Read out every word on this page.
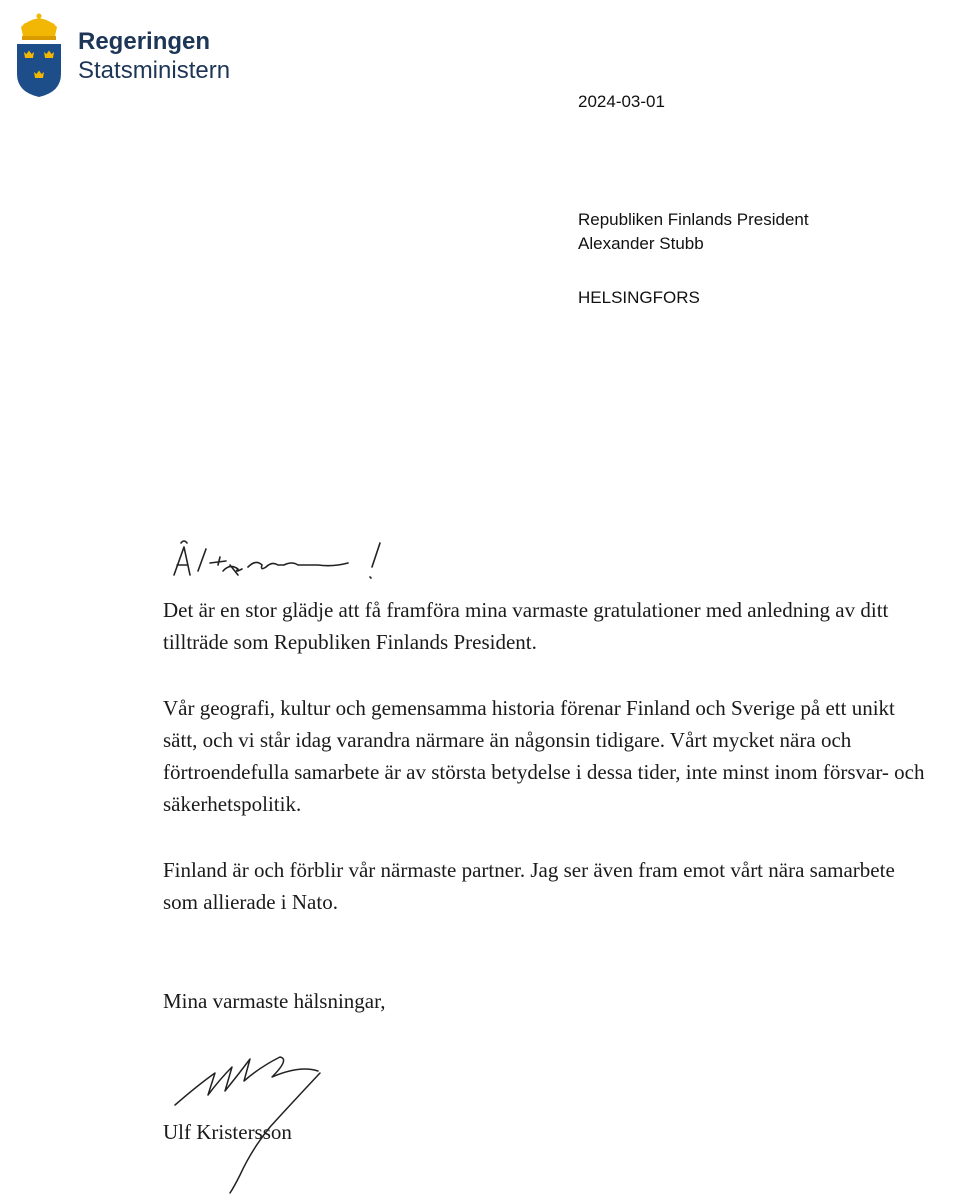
Regeringen
Statsministern
2024-03-01
Republiken Finlands President
Alexander Stubb
HELSINGFORS

Det är en stor glädje att få framföra mina varmaste gratulationer med anledning av ditt tillträde som Republiken Finlands President.

Vår geografi, kultur och gemensamma historia förenar Finland och Sverige på ett unikt sätt, och vi står idag varandra närmare än någonsin tidigare. Vårt mycket nära och förtroendefulla samarbete är av största betydelse i dessa tider, inte minst inom försvar- och säkerhetspolitik.

Finland är och förblir vår närmaste partner. Jag ser även fram emot vårt nära samarbete som allierade i Nato.

Mina varmaste hälsningar,
Ulf Kristersson
